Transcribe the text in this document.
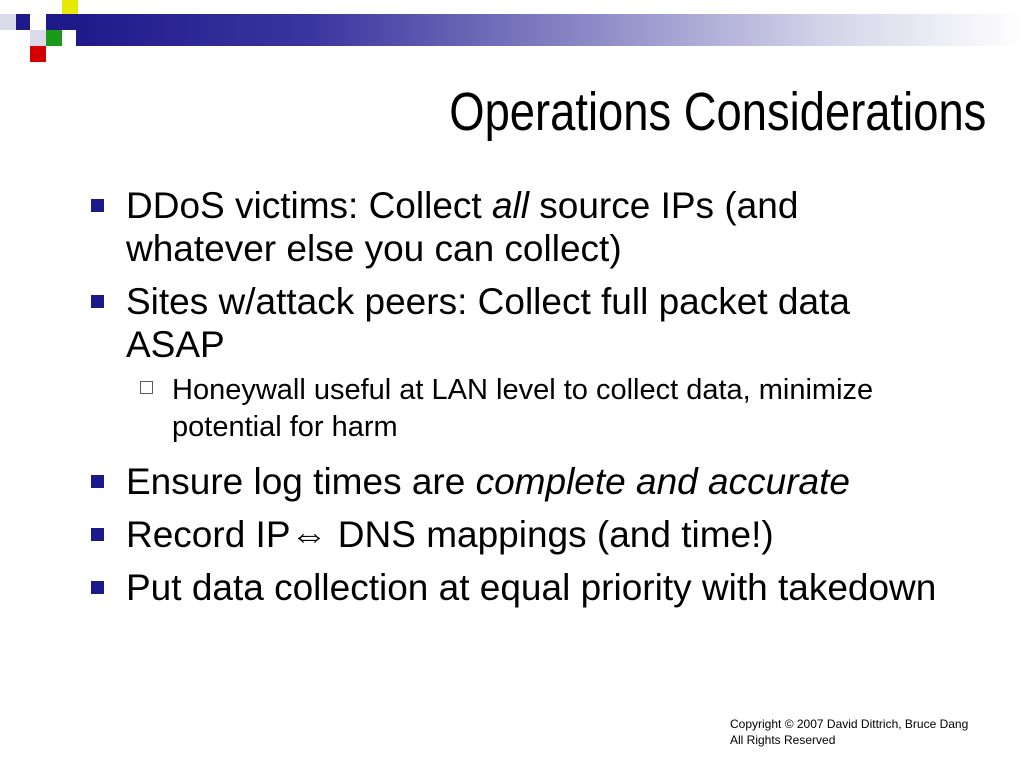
Operations Considerations
DDoS victims: Collect all source IPs (and whatever else you can collect)
Sites w/attack peers: Collect full packet data ASAP
Honeywall useful at LAN level to collect data, minimize potential for harm
Ensure log times are complete and accurate
Record IP⇔ DNS mappings (and time!)
Put data collection at equal priority with takedown
Copyright © 2007 David Dittrich, Bruce Dang
All Rights Reserved
